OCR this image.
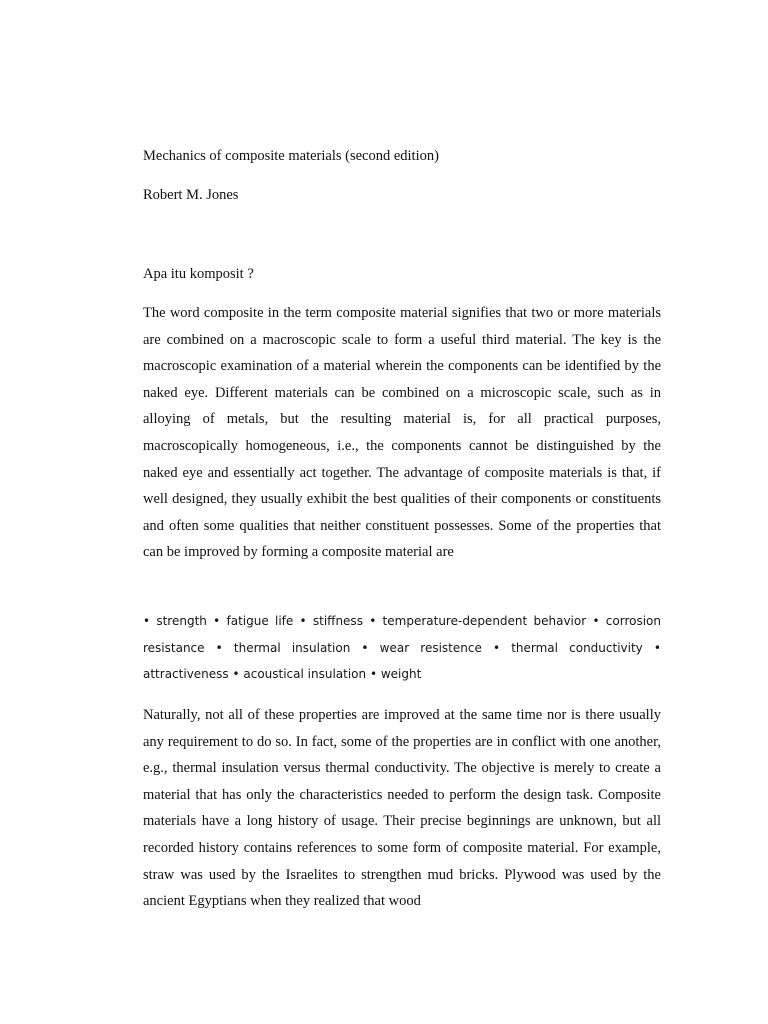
Mechanics of composite materials (second edition)

Robert M. Jones

Apa itu komposit ?

The word composite in the term composite material signifies that two or more materials are combined on a macroscopic scale to form a useful third material. The key is the macroscopic examination of a material wherein the components can be identified by the naked eye. Different materials can be combined on a microscopic scale, such as in alloying of metals, but the resulting material is, for all practical purposes, macroscopically homogeneous, i.e., the components cannot be distinguished by the naked eye and essentially act together. The advantage of composite materials is that, if well designed, they usually exhibit the best qualities of their components or constituents and often some qualities that neither constituent possesses. Some of the properties that can be improved by forming a composite material are

• strength • fatigue life • stiffness • temperature-dependent behavior • corrosion resistance • thermal insulation • wear resistence • thermal conductivity • attractiveness • acoustical insulation • weight

Naturally, not all of these properties are improved at the same time nor is there usually any requirement to do so. In fact, some of the properties are in conflict with one another, e.g., thermal insulation versus thermal conductivity. The objective is merely to create a material that has only the characteristics needed to perform the design task. Composite materials have a long history of usage. Their precise beginnings are unknown, but all recorded history contains references to some form of composite material. For example, straw was used by the Israelites to strengthen mud bricks. Plywood was used by the ancient Egyptians when they realized that wood
